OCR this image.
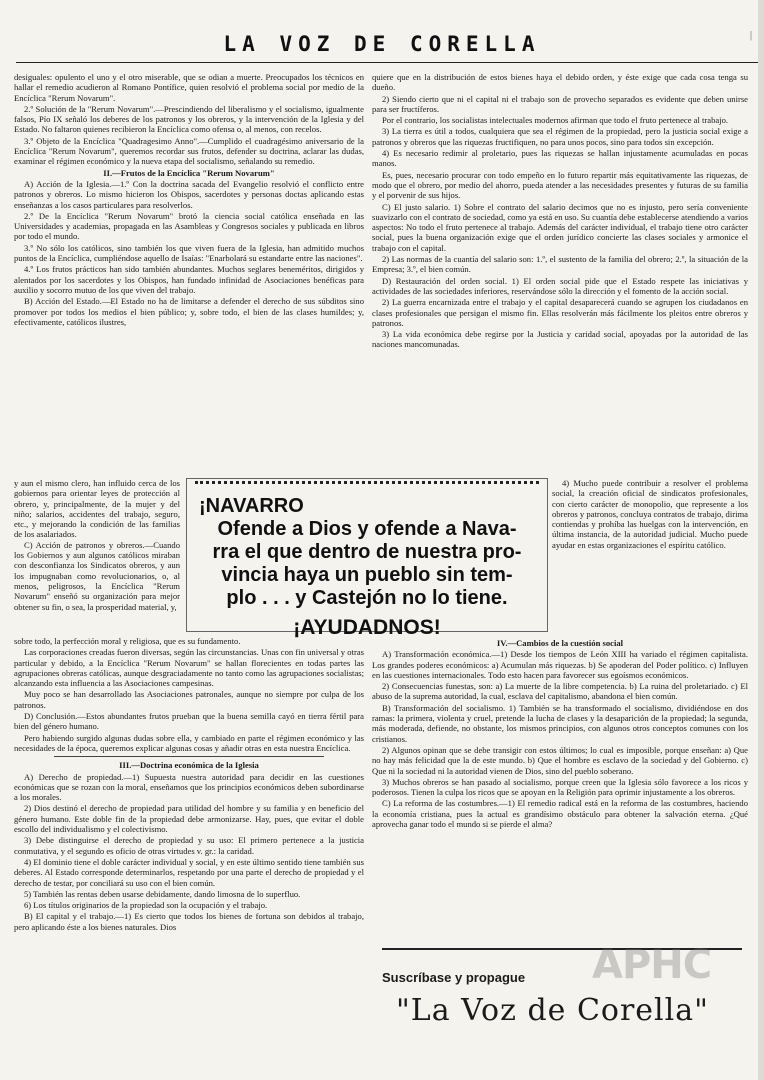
LA VOZ DE CORELLA	|

desiguales: opulento el uno y el otro miserable, que se odian a muerte. Preocupados los técnicos en hallar el remedio acudieron al Romano Pontífice, quien resolvió el problema social por medio de la Encíclica "Rerum Novarum".

2.º Solución de la "Rerum Novarum".—Prescindiendo del liberalismo y el socialismo, igualmente falsos, Pío IX señaló los deberes de los patronos y los obreros, y la intervención de la Iglesia y del Estado. No faltaron quienes recibieron la Encíclica como ofensa o, al menos, con recelos.

3.º Objeto de la Encíclica "Quadragesimo Anno".—Cumplido el cuadragésimo aniversario de la Encíclica "Rerum Novarum", queremos recordar sus frutos, defender su doctrina, aclarar las dudas, examinar el régimen económico y la nueva etapa del socialismo, señalando su remedio.

II.—Frutos de la Encíclica "Rerum Novarum"

A) Acción de la Iglesia.—1.º Con la doctrina sacada del Evangelio resolvió el conflicto entre patronos y obreros. Lo mismo hicieron los Obispos, sacerdotes y personas doctas aplicando estas enseñanzas a los casos particulares para resolverlos.

2.º De la Encíclica "Rerum Novarum" brotó la ciencia social católica enseñada en las Universidades y academias, propagada en las Asambleas y Congresos sociales y publicada en libros por todo el mundo.

3.º No sólo los católicos, sino también los que viven fuera de la Iglesia, han admitido muchos puntos de la Encíclica, cumpliéndose aquello de Isaías: "Enarbolará su estandarte entre las naciones".

4.º Los frutos prácticos han sido también abundantes. Muchos seglares beneméritos, dirigidos y alentados por los sacerdotes y los Obispos, han fundado infinidad de Asociaciones benéficas para auxilio y socorro mutuo de los que viven del trabajo.

B) Acción del Estado.—El Estado no ha de limitarse a defender el derecho de sus súbditos sino promover por todos los medios el bien público; y, sobre todo, el bien de las clases humildes; y, efectivamente, católicos ilustres,

y aun el mismo clero, han influido cerca de los gobiernos para orientar leyes de protección al obrero, y, principalmente, de la mujer y del niño; salarios, accidentes del trabajo, seguro, etc., y mejorando la condición de las familias de los asalariados.

C) Acción de patronos y obreros.—Cuando los Gobiernos y aun algunos católicos miraban con desconfianza los Sindicatos obreros, y aun los impugnaban como revolucionarios, o, al menos, peligrosos, la Encíclica "Rerum Novarum" enseñó su organización para mejor obtener su fin, o sea, la prosperidad material, y,

sobre todo, la perfección moral y religiosa, que es su fundamento.

Las corporaciones creadas fueron diversas, según las circunstancias. Unas con fin universal y otras particular y debido, a la Encíclica "Rerum Novarum" se hallan florecientes en todas partes las agrupaciones obreras católicas, aunque desgraciadamente no tanto como las agrupaciones socialistas; alcanzando esta influencia a las Asociaciones campesinas.

Muy poco se han desarrollado las Asociaciones patronales, aunque no siempre por culpa de los patronos.

D) Conclusión.—Estos abundantes frutos prueban que la buena semilla cayó en tierra fértil para bien del género humano.

Pero habiendo surgido algunas dudas sobre ella, y cambiado en parte el régimen económico y las necesidades de la época, queremos explicar algunas cosas y añadir otras en esta nuestra Encíclica.

III.—Doctrina económica de la Iglesia

A) Derecho de propiedad.—1) Supuesta nuestra autoridad para decidir en las cuestiones económicas que se rozan con la moral, enseñamos que los principios económicos deben subordinarse a los morales.

2) Dios destinó el derecho de propiedad para utilidad del hombre y su familia y en beneficio del género humano. Este doble fin de la propiedad debe armonizarse. Hay, pues, que evitar el doble escollo del individualismo y el colectivismo.

3) Debe distinguirse el derecho de propiedad y su uso: El primero pertenece a la justicia conmutativa, y el segundo es oficio de otras virtudes v. gr.: la caridad.

4) El dominio tiene el doble carácter individual y social, y en este último sentido tiene también sus deberes. Al Estado corresponde determinarlos, respetando por una parte el derecho de propiedad y el derecho de testar, por conciliará su uso con el bien común.

5) También las rentas deben usarse debidamente, dando limosna de lo superfluo.

6) Los títulos originarios de la propiedad son la ocupación y el trabajo.

B) El capital y el trabajo.—1) Es cierto que todos los bienes de fortuna son debidos al trabajo, pero aplicando éste a los bienes naturales. Dios

quiere que en la distribución de estos bienes haya el debido orden, y éste exige que cada cosa tenga su dueño.

2) Siendo cierto que ni el capital ni el trabajo son de provecho separados es evidente que deben unirse para ser fructíferos.

Por el contrario, los socialistas intelectuales modernos afirman que todo el fruto pertenece al trabajo.

3) La tierra es útil a todos, cualquiera que sea el régimen de la propiedad, pero la justicia social exige a patronos y obreros que las riquezas fructifiquen, no para unos pocos, sino para todos sin excepción.

4) Es necesario redimir al proletario, pues las riquezas se hallan injustamente acumuladas en pocas manos.

Es, pues, necesario procurar con todo empeño en lo futuro repartir más equitativamente las riquezas, de modo que el obrero, por medio del ahorro, pueda atender a las necesidades presentes y futuras de su familia y el porvenir de sus hijos.

C) El justo salario. 1) Sobre el contrato del salario decimos que no es injusto, pero sería conveniente suavizarlo con el contrato de sociedad, como ya está en uso. Su cuantía debe establecerse atendiendo a varios aspectos: No todo el fruto pertenece al trabajo. Además del carácter individual, el trabajo tiene otro carácter social, pues la buena organización exige que el orden jurídico concierte las clases sociales y armonice el trabajo con el capital.

2) Las normas de la cuantía del salario son: 1.º, el sustento de la familia del obrero; 2.º, la situación de la Empresa; 3.º, el bien común.

D) Restauración del orden social. 1) El orden social pide que el Estado respete las iniciativas y actividades de las sociedades inferiores, reservándose sólo la dirección y el fomento de la acción social.

2) La guerra encarnizada entre el trabajo y el capital desaparecerá cuando se agrupen los ciudadanos en clases profesionales que persigan el mismo fin. Ellas resolverán más fácilmente los pleitos entre obreros y patronos.

3) La vida económica debe regirse por la Justicia y caridad social, apoyadas por la autoridad de las naciones mancomunadas.

4) Mucho puede contribuir a resolver el problema social, la creación oficial de sindicatos profesionales, con cierto carácter de monopolio, que represente a los obreros y patronos, concluya contratos de trabajo, dirima contiendas y prohíba las huelgas con la intervención, en última instancia, de la autoridad judicial. Mucho puede ayudar en estas organizaciones el espíritu católico.

IV.—Cambios de la cuestión social

A) Transformación económica.—1) Desde los tiempos de León XIII ha variado el régimen capitalista. Los grandes poderes económicos: a) Acumulan más riquezas. b) Se apoderan del Poder político. c) Influyen en las cuestiones internacionales. Todo esto hacen para favorecer sus egoísmos económicos.

2) Consecuencias funestas, son: a) La muerte de la libre competencia. b) La ruina del proletariado. c) El abuso de la suprema autoridad, la cual, esclava del capitalismo, abandona el bien común.

B) Transformación del socialismo. 1) También se ha transformado el socialismo, dividiéndose en dos ramas: la primera, violenta y cruel, pretende la lucha de clases y la desaparición de la propiedad; la segunda, más moderada, defiende, no obstante, los mismos principios, con algunos otros conceptos comunes con los cristianos.

2) Algunos opinan que se debe transigir con estos últimos; lo cual es imposible, porque enseñan: a) Que no hay más felicidad que la de este mundo. b) Que el hombre es esclavo de la sociedad y del Gobierno. c) Que ni la sociedad ni la autoridad vienen de Dios, sino del pueblo soberano.

3) Muchos obreros se han pasado al socialismo, porque creen que la Iglesia sólo favorece a los ricos y poderosos. Tienen la culpa los ricos que se apoyan en la Religión para oprimir injustamente a los obreros.

C) La reforma de las costumbres.—1) El remedio radical está en la reforma de las costumbres, haciendo la economía cristiana, pues la actual es grandísimo obstáculo para obtener la salvación eterna. ¿Qué aprovecha ganar todo el mundo si se pierde el alma?

¡NAVARRO
Ofende a Dios y ofende a Nava-
rra el que dentro de nuestra pro-
vincia haya un pueblo sin tem-
plo . . . y Castejón no lo tiene.
¡AYUDADNOS!
Suscríbase y propague
"La Voz de Corella"
APHC
